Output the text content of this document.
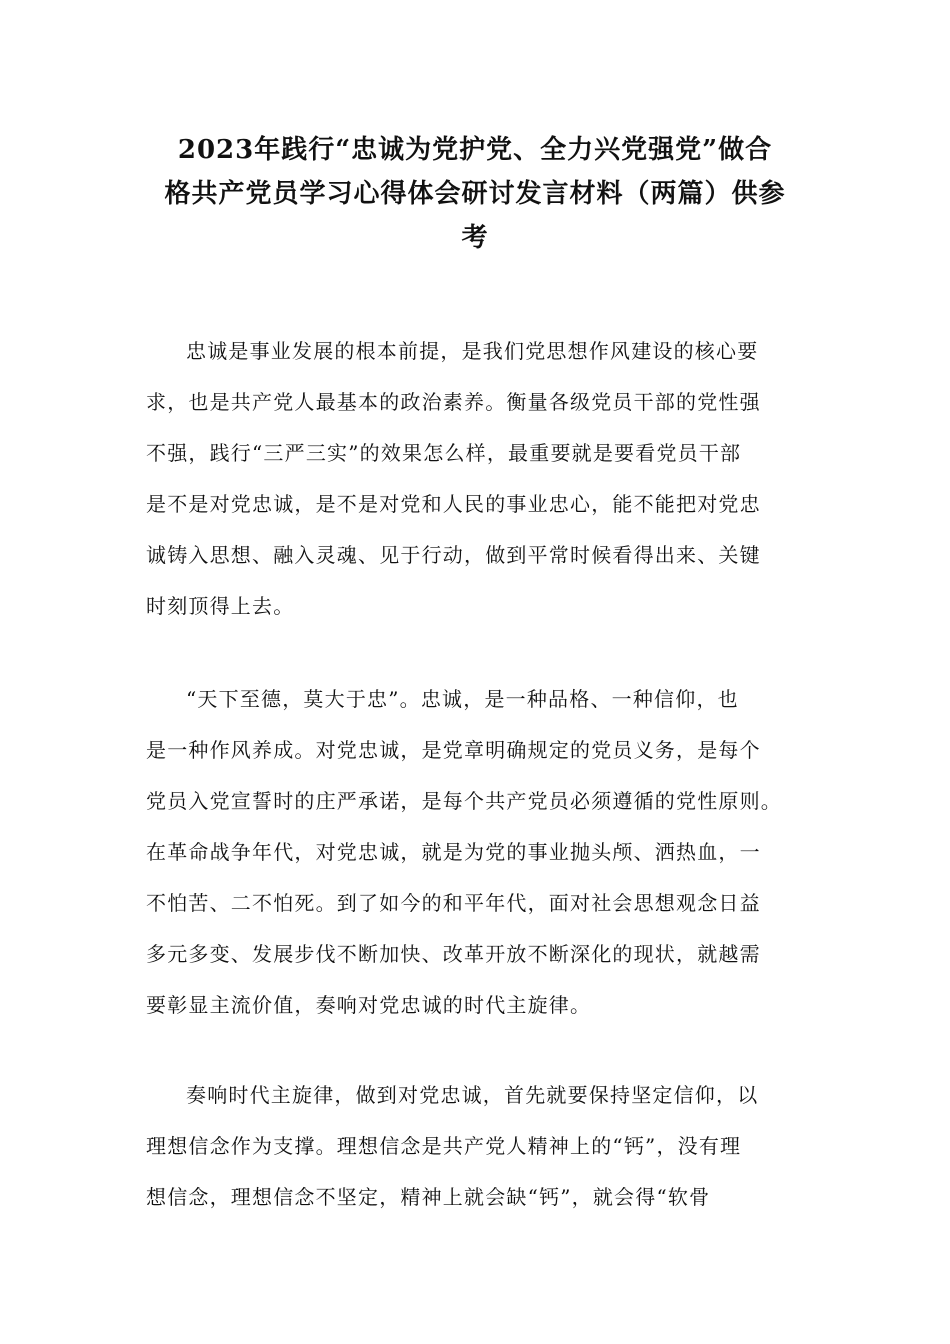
2023年践行“忠诚为党护党、全力兴党强党”做合
格共产党员学习心得体会研讨发言材料（两篇）供参
考
忠诚是事业发展的根本前提，是我们党思想作风建设的核心要
求，也是共产党人最基本的政治素养。衡量各级党员干部的党性强
不强，践行“三严三实”的效果怎么样，最重要就是要看党员干部
是不是对党忠诚，是不是对党和人民的事业忠心，能不能把对党忠
诚铸入思想、融入灵魂、见于行动，做到平常时候看得出来、关键
时刻顶得上去。
“天下至德，莫大于忠”。忠诚，是一种品格、一种信仰，也
是一种作风养成。对党忠诚，是党章明确规定的党员义务，是每个
党员入党宣誓时的庄严承诺，是每个共产党员必须遵循的党性原则。
在革命战争年代，对党忠诚，就是为党的事业抛头颅、洒热血，一
不怕苦、二不怕死。到了如今的和平年代，面对社会思想观念日益
多元多变、发展步伐不断加快、改革开放不断深化的现状，就越需
要彰显主流价值，奏响对党忠诚的时代主旋律。
奏响时代主旋律，做到对党忠诚，首先就要保持坚定信仰，以
理想信念作为支撑。理想信念是共产党人精神上的“钙”，没有理
想信念，理想信念不坚定，精神上就会缺“钙”，就会得“软骨
